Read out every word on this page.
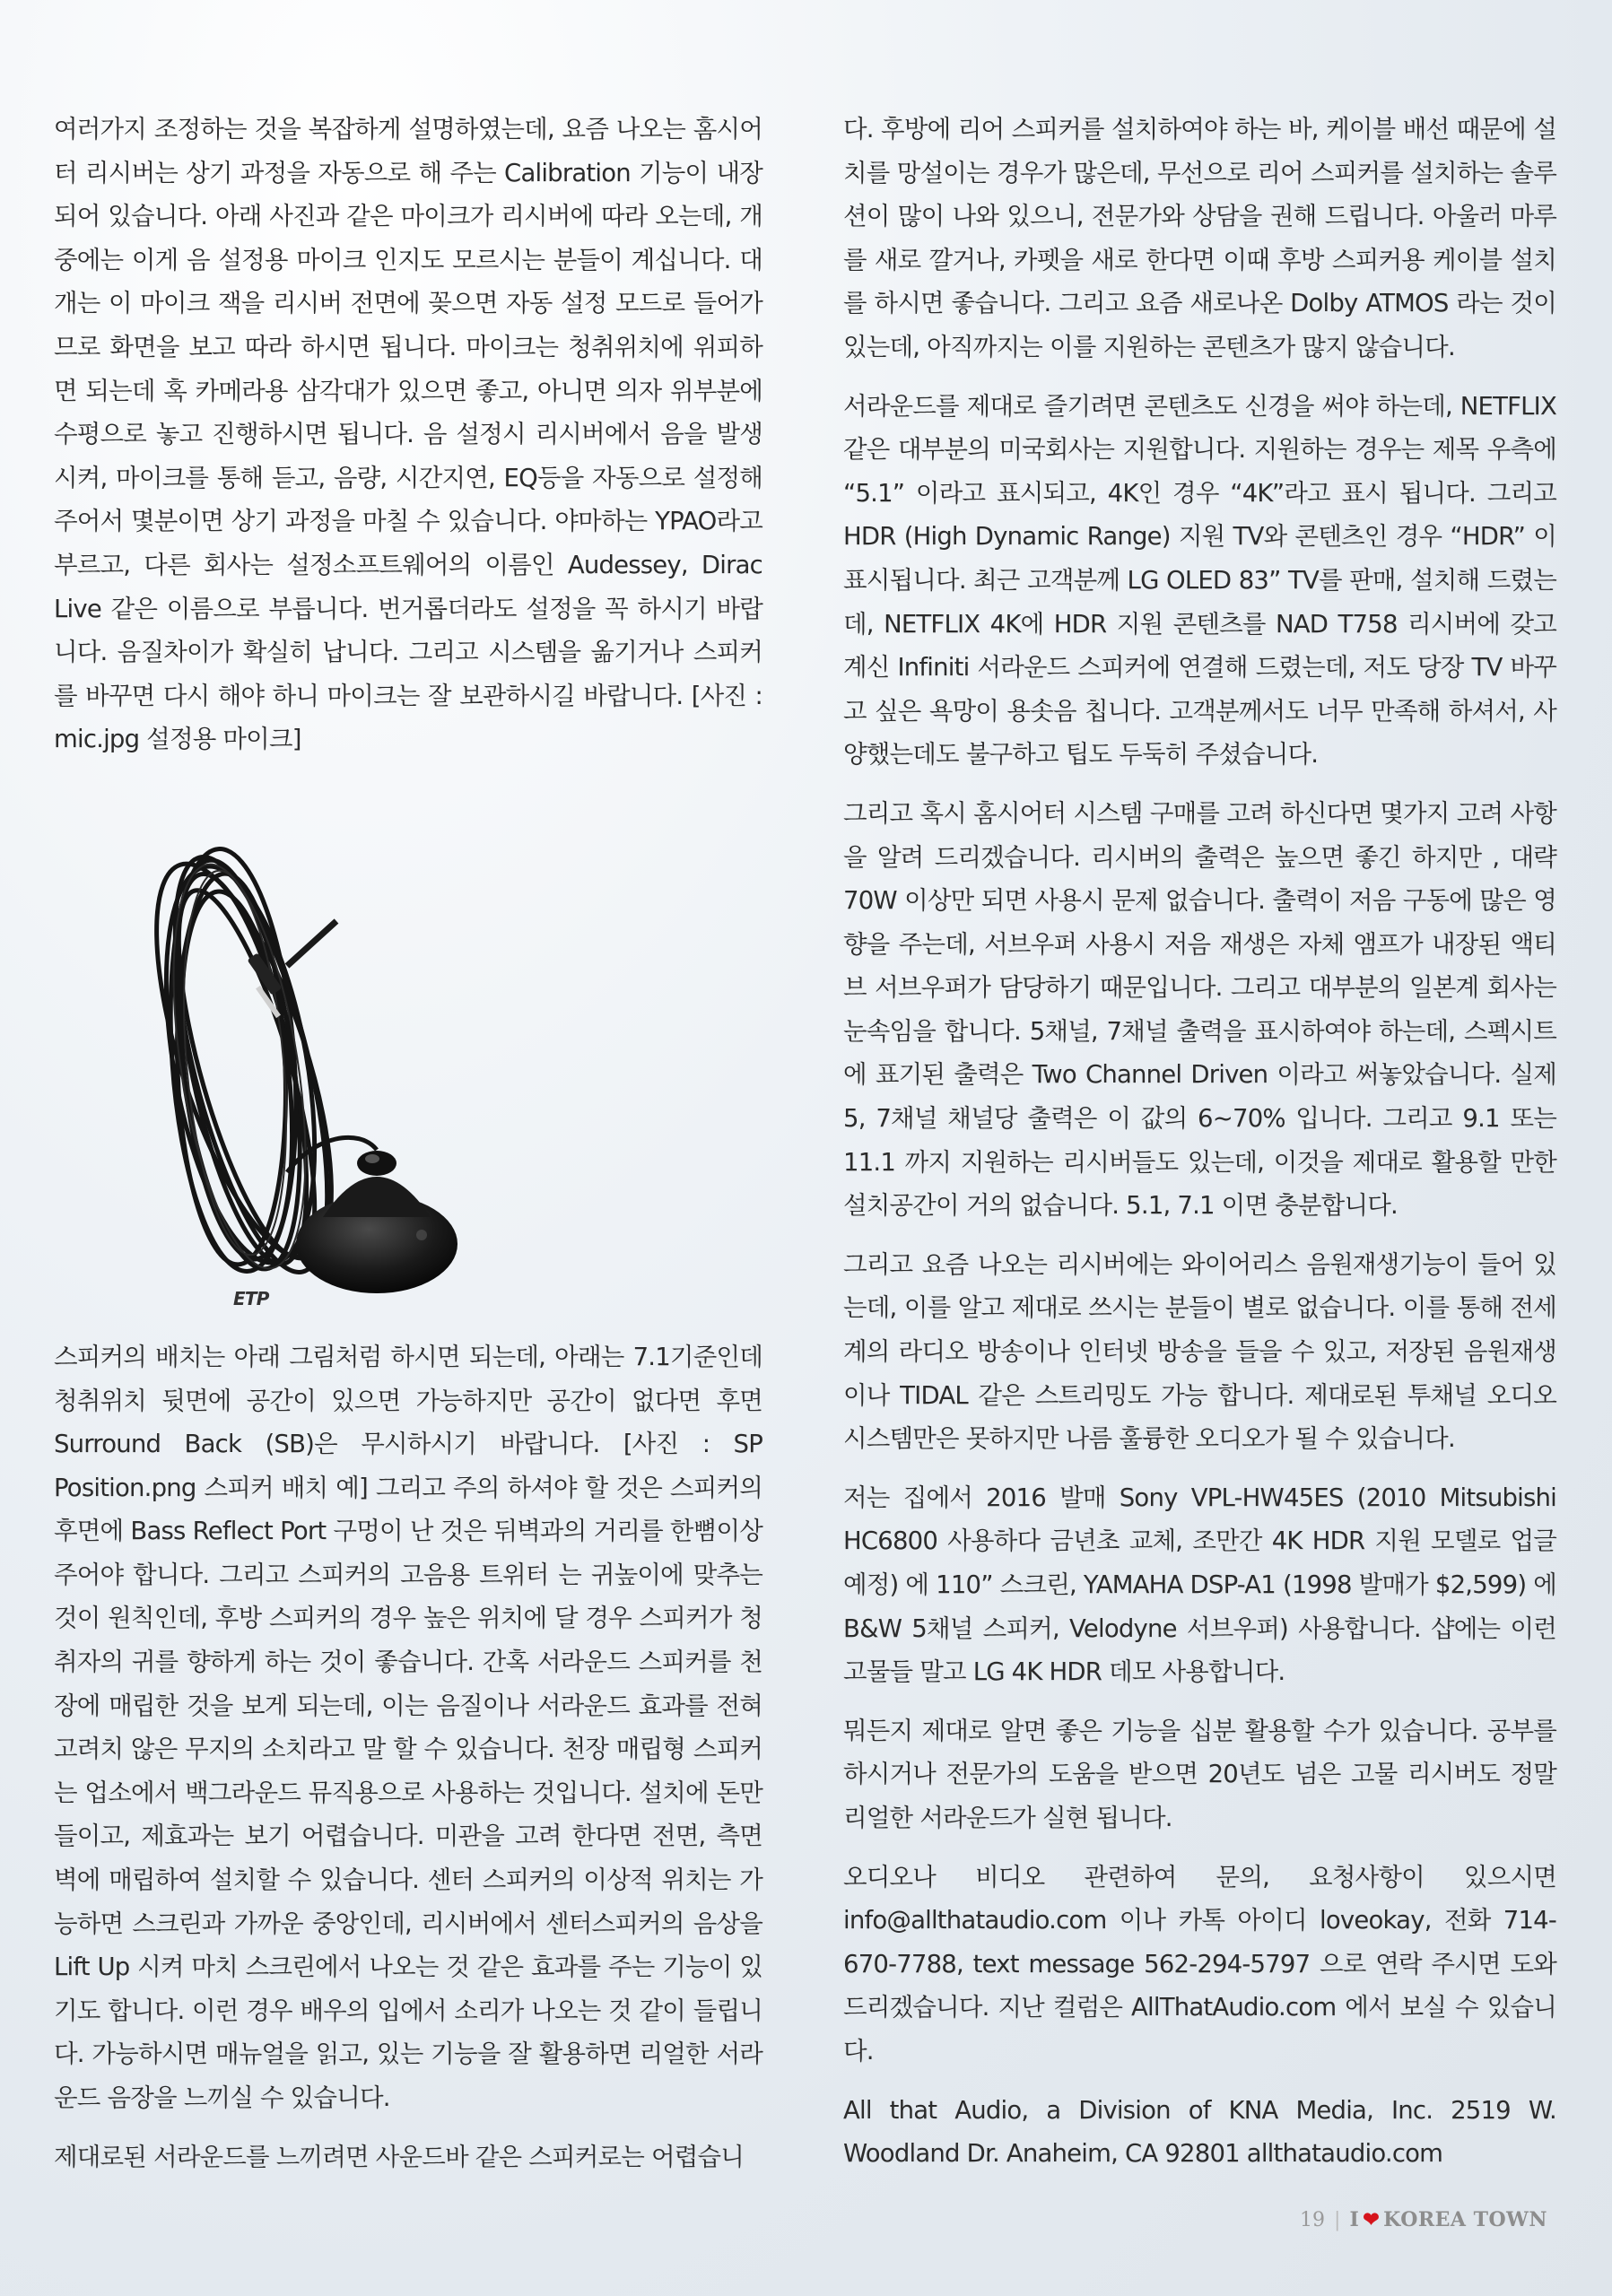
여러가지 조정하는 것을 복잡하게 설명하였는데, 요즘 나오는 홈시어터 리시버는 상기 과정을 자동으로 해 주는 Calibration 기능이 내장되어 있습니다. 아래 사진과 같은 마이크가 리시버에 따라 오는데, 개중에는 이게 음 설정용 마이크 인지도 모르시는 분들이 계십니다. 대개는 이 마이크 잭을 리시버 전면에 꽂으면 자동 설정 모드로 들어가므로 화면을 보고 따라 하시면 됩니다. 마이크는 청취위치에 위피하면 되는데 혹 카메라용 삼각대가 있으면 좋고, 아니면 의자 위부분에 수평으로 놓고 진행하시면 됩니다. 음 설정시 리시버에서 음을 발생시켜, 마이크를 통해 듣고, 음량, 시간지연, EQ등을 자동으로 설정해 주어서 몇분이면 상기 과정을 마칠 수 있습니다. 야마하는 YPAO라고 부르고, 다른 회사는 설정소프트웨어의 이름인 Audessey, Dirac Live 같은 이름으로 부릅니다. 번거롭더라도 설정을 꼭 하시기 바랍니다. 음질차이가 확실히 납니다. 그리고 시스템을 옮기거나 스피커를 바꾸면 다시 해야 하니 마이크는 잘 보관하시길 바랍니다. [사진 : mic.jpg 설정용 마이크]

ETP

스피커의 배치는 아래 그림처럼 하시면 되는데, 아래는 7.1기준인데 청취위치 뒷면에 공간이 있으면 가능하지만 공간이 없다면 후면 Surround Back (SB)은 무시하시기 바랍니다. [사진 : SP Position.png 스피커 배치 예] 그리고 주의 하셔야 할 것은 스피커의 후면에 Bass Reflect Port 구멍이 난 것은 뒤벽과의 거리를 한뼘이상 주어야 합니다. 그리고 스피커의 고음용 트위터 는 귀높이에 맞추는 것이 원칙인데, 후방 스피커의 경우 높은 위치에 달 경우 스피커가 청취자의 귀를 향하게 하는 것이 좋습니다. 간혹 서라운드 스피커를 천장에 매립한 것을 보게 되는데, 이는 음질이나 서라운드 효과를 전혀 고려치 않은 무지의 소치라고 말 할 수 있습니다. 천장 매립형 스피커는 업소에서 백그라운드 뮤직용으로 사용하는 것입니다. 설치에 돈만 들이고, 제효과는 보기 어렵습니다. 미관을 고려 한다면 전면, 측면 벽에 매립하여 설치할 수 있습니다. 센터 스피커의 이상적 위치는 가능하면 스크린과 가까운 중앙인데, 리시버에서 센터스피커의 음상을 Lift Up 시켜 마치 스크린에서 나오는 것 같은 효과를 주는 기능이 있기도 합니다. 이런 경우 배우의 입에서 소리가 나오는 것 같이 들립니다. 가능하시면 매뉴얼을 읽고, 있는 기능을 잘 활용하면 리얼한 서라운드 음장을 느끼실 수 있습니다.

제대로된 서라운드를 느끼려면 사운드바 같은 스피커로는 어렵습니

다. 후방에 리어 스피커를 설치하여야 하는 바, 케이블 배선 때문에 설치를 망설이는 경우가 많은데, 무선으로 리어 스피커를 설치하는 솔루션이 많이 나와 있으니, 전문가와 상담을 권해 드립니다. 아울러 마루를 새로 깔거나, 카펫을 새로 한다면 이때 후방 스피커용 케이블 설치를 하시면 좋습니다. 그리고 요즘 새로나온 Dolby ATMOS 라는 것이 있는데, 아직까지는 이를 지원하는 콘텐츠가 많지 않습니다.

서라운드를 제대로 즐기려면 콘텐츠도 신경을 써야 하는데, NETFLIX같은 대부분의 미국회사는 지원합니다. 지원하는 경우는 제목 우측에 “5.1” 이라고 표시되고, 4K인 경우 “4K”라고 표시 됩니다. 그리고 HDR (High Dynamic Range) 지원 TV와 콘텐츠인 경우 “HDR” 이 표시됩니다. 최근 고객분께 LG OLED 83” TV를 판매, 설치해 드렸는데, NETFLIX 4K에 HDR 지원 콘텐츠를 NAD T758 리시버에 갖고 계신 Infiniti 서라운드 스피커에 연결해 드렸는데, 저도 당장 TV 바꾸고 싶은 욕망이 용솟음 칩니다. 고객분께서도 너무 만족해 하셔서, 사양했는데도 불구하고 팁도 두둑히 주셨습니다.

그리고 혹시 홈시어터 시스템 구매를 고려 하신다면 몇가지 고려 사항을 알려 드리겠습니다. 리시버의 출력은 높으면 좋긴 하지만 , 대략 70W 이상만 되면 사용시 문제 없습니다. 출력이 저음 구동에 많은 영향을 주는데, 서브우퍼 사용시 저음 재생은 자체 앰프가 내장된 액티브 서브우퍼가 담당하기 때문입니다. 그리고 대부분의 일본계 회사는 눈속임을 합니다. 5채널, 7채널 출력을 표시하여야 하는데, 스펙시트에 표기된 출력은 Two Channel Driven 이라고 써놓았습니다. 실제 5, 7채널 채널당 출력은 이 값의 6~70% 입니다. 그리고 9.1 또는 11.1 까지 지원하는 리시버들도 있는데, 이것을 제대로 활용할 만한 설치공간이 거의 없습니다. 5.1, 7.1 이면 충분합니다.

그리고 요즘 나오는 리시버에는 와이어리스 음원재생기능이 들어 있는데, 이를 알고 제대로 쓰시는 분들이 별로 없습니다. 이를 통해 전세계의 라디오 방송이나 인터넷 방송을 들을 수 있고, 저장된 음원재생이나 TIDAL 같은 스트리밍도 가능 합니다. 제대로된 투채널 오디오 시스템만은 못하지만 나름 훌륭한 오디오가 될 수 있습니다.

저는 집에서 2016 발매 Sony VPL-HW45ES (2010 Mitsubishi HC6800 사용하다 금년초 교체, 조만간 4K HDR 지원 모델로 업글 예정) 에 110” 스크린, YAMAHA DSP-A1 (1998 발매가 $2,599) 에 B&W 5채널 스피커, Velodyne 서브우퍼) 사용합니다. 샵에는 이런 고물들 말고 LG 4K HDR 데모 사용합니다.

뭐든지 제대로 알면 좋은 기능을 십분 활용할 수가 있습니다. 공부를 하시거나 전문가의 도움을 받으면 20년도 넘은 고물 리시버도 정말 리얼한 서라운드가 실현 됩니다.

오디오나 비디오 관련하여 문의, 요청사항이 있으시면 info@allthataudio.com 이나 카톡 아이디 loveokay, 전화 714-670-7788, text message 562-294-5797 으로 연락 주시면 도와 드리겠습니다. 지난 컬럼은 AllThatAudio.com 에서 보실 수 있습니다.

All that Audio, a Division of KNA Media, Inc. 2519 W. Woodland Dr. Anaheim, CA 92801 allthataudio.com

19 | I ❤ KOREA TOWN
